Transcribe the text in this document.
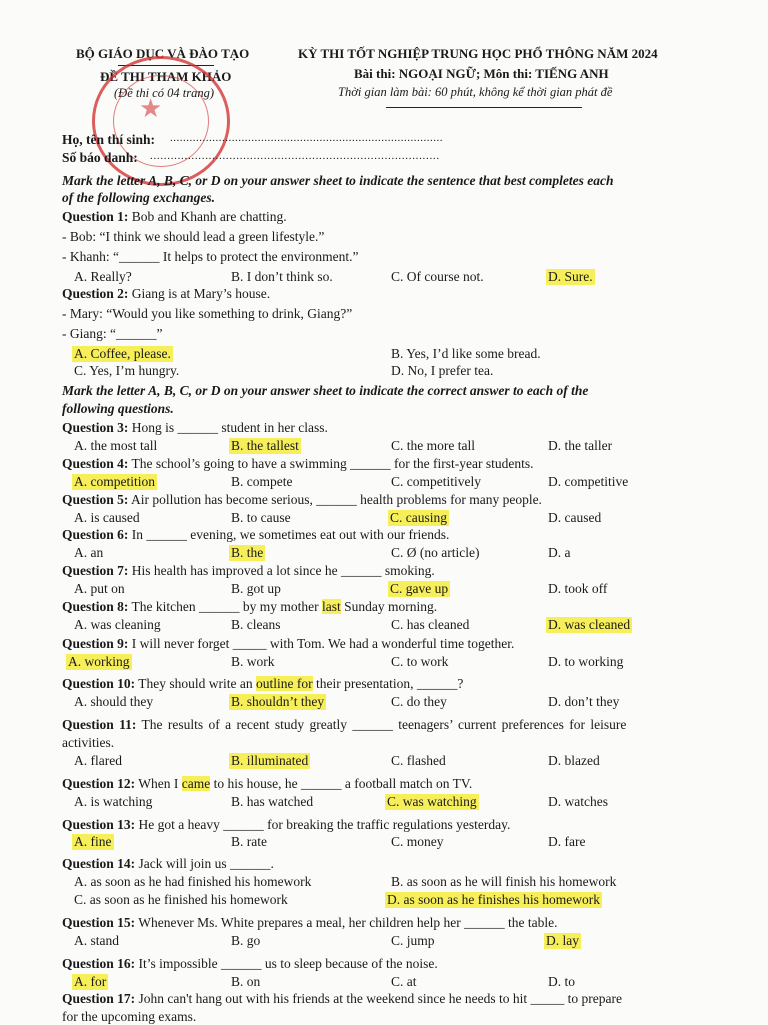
BỘ GIÁO DỤC VÀ ĐÀO TẠO
ĐỀ THI THAM KHẢO
(Đề thi có 04 trang)
★
KỲ THI TỐT NGHIỆP TRUNG HỌC PHỔ THÔNG NĂM 2024
Bài thi: NGOẠI NGỮ; Môn thi: TIẾNG ANH
Thời gian làm bài: 60 phút, không kể thời gian phát đề
Họ, tên thí sinh: ....................................................................................
Số báo danh: ....................................................................................
Mark the letter A, B, C, or D on your answer sheet to indicate the sentence that best completes each
of the following exchanges.
Question 1: Bob and Khanh are chatting.
- Bob: “I think we should lead a green lifestyle.”
- Khanh: “______ It helps to protect the environment.”
A. Really?	B. I don’t think so.	C. Of course not.	D. Sure.
Question 2: Giang is at Mary’s house.
- Mary: “Would you like something to drink, Giang?”
- Giang: “______”
A. Coffee, please.	B. Yes, I’d like some bread.
C. Yes, I’m hungry.	D. No, I prefer tea.
Mark the letter A, B, C, or D on your answer sheet to indicate the correct answer to each of the
following questions.
Question 3: Hong is ______ student in her class.
A. the most tall	B. the tallest	C. the more tall	D. the taller
Question 4: The school’s going to have a swimming ______ for the first-year students.
A. competition	B. compete	C. competitively	D. competitive
Question 5: Air pollution has become serious, ______ health problems for many people.
A. is caused	B. to cause	C. causing	D. caused
Question 6: In ______ evening, we sometimes eat out with our friends.
A. an	B. the	C. Ø (no article)	D. a
Question 7: His health has improved a lot since he ______ smoking.
A. put on	B. got up	C. gave up	D. took off
Question 8: The kitchen ______ by my mother last Sunday morning.
A. was cleaning	B. cleans	C. has cleaned	D. was cleaned
Question 9: I will never forget _____ with Tom. We had a wonderful time together.
A. working	B. work	C. to work	D. to working
Question 10: They should write an outline for their presentation, ______?
A. should they	B. shouldn’t they	C. do they	D. don’t they
Question 11: The results of a recent study greatly ______ teenagers’ current preferences for leisure
activities.
A. flared	B. illuminated	C. flashed	D. blazed
Question 12: When I came to his house, he ______ a football match on TV.
A. is watching	B. has watched	C. was watching	D. watches
Question 13: He got a heavy ______ for breaking the traffic regulations yesterday.
A. fine	B. rate	C. money	D. fare
Question 14: Jack will join us ______.
A. as soon as he had finished his homework	B. as soon as he will finish his homework
C. as soon as he finished his homework	D. as soon as he finishes his homework
Question 15: Whenever Ms. White prepares a meal, her children help her ______ the table.
A. stand	B. go	C. jump	D. lay
Question 16: It’s impossible ______ us to sleep because of the noise.
A. for	B. on	C. at	D. to
Question 17: John can't hang out with his friends at the weekend since he needs to hit _____ to prepare
for the upcoming exams.
